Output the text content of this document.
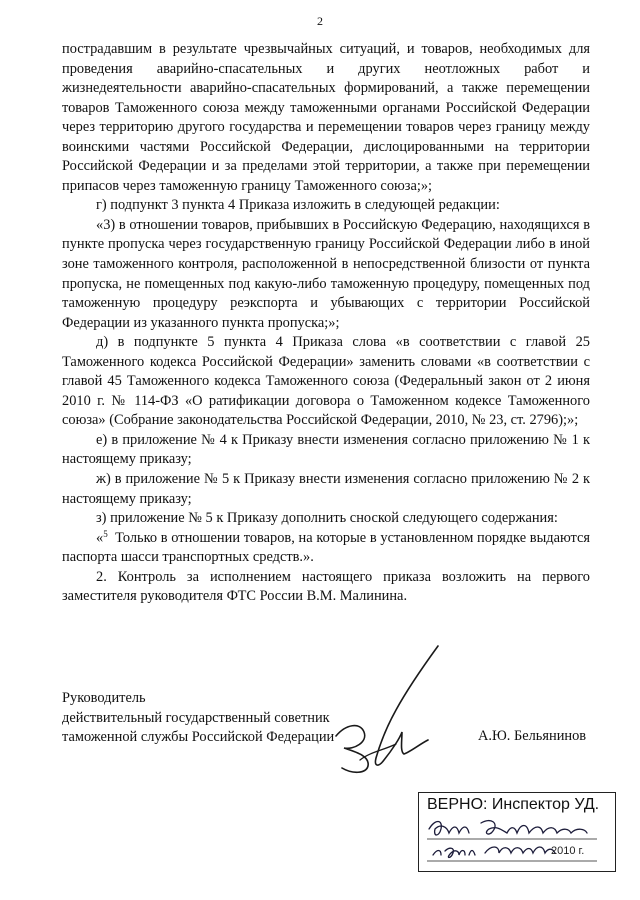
2

пострадавшим в результате чрезвычайных ситуаций, и товаров, необходимых для проведения аварийно-спасательных и других неотложных работ и жизнедеятельности аварийно-спасательных формирований, а также перемещении товаров Таможенного союза между таможенными органами Российской Федерации через территорию другого государства и перемещении товаров через границу между воинскими частями Российской Федерации, дислоцированными на территории Российской Федерации и за пределами этой территории, а также при перемещении припасов через таможенную границу Таможенного союза;»;

г) подпункт 3 пункта 4 Приказа изложить в следующей редакции:

«3) в отношении товаров, прибывших в Российскую Федерацию, находящихся в пункте пропуска через государственную границу Российской Федерации либо в иной зоне таможенного контроля, расположенной в непосредственной близости от пункта пропуска, не помещенных под какую-либо таможенную процедуру, помещенных под таможенную процедуру реэкспорта и убывающих с территории Российской Федерации из указанного пункта пропуска;»;

д) в подпункте 5 пункта 4 Приказа слова «в соответствии с главой 25 Таможенного кодекса Российской Федерации» заменить словами «в соответствии с главой 45 Таможенного кодекса Таможенного союза (Федеральный закон от 2 июня 2010 г. № 114-ФЗ «О ратификации договора о Таможенном кодексе Таможенного союза» (Собрание законодательства Российской Федерации, 2010, № 23, ст. 2796);»;

е) в приложение № 4 к Приказу внести изменения согласно приложению № 1 к настоящему приказу;

ж) в приложение № 5 к Приказу внести изменения согласно приложению № 2 к настоящему приказу;

з) приложение № 5 к Приказу дополнить сноской следующего содержания:

«$^5$ Только в отношении товаров, на которые в установленном порядке выдаются паспорта шасси транспортных средств.».

2. Контроль за исполнением настоящего приказа возложить на первого заместителя руководителя ФТС России В.М. Малинина.

Руководитель
действительный государственный советник
таможенной службы Российской Федерации	А.Ю. Бельянинов
ВЕРНО: Инспектор УД.
2010 г.
